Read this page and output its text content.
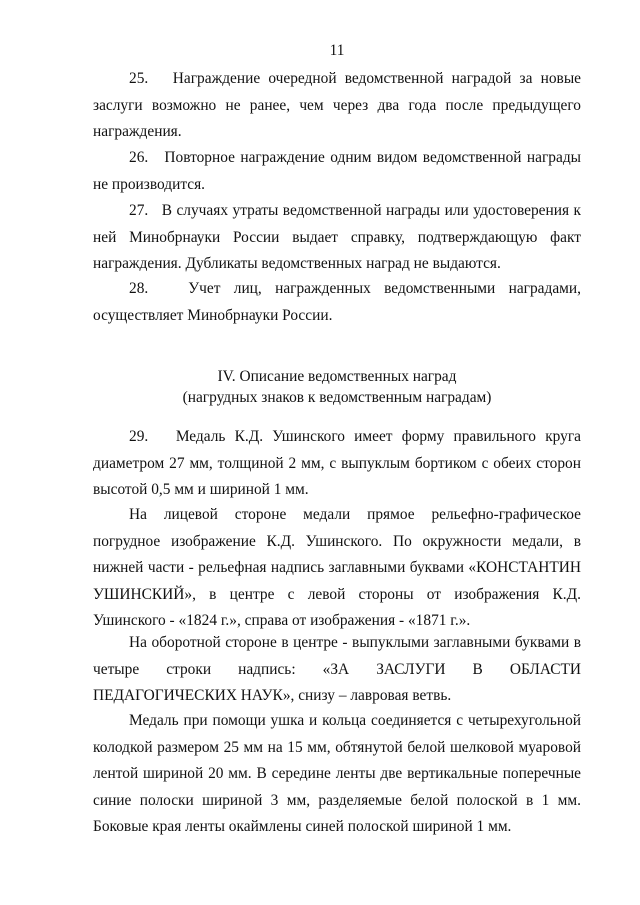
11
25.   Награждение очередной ведомственной наградой за новые заслуги возможно не ранее, чем через два года после предыдущего награждения.
26.   Повторное награждение одним видом ведомственной награды не производится.
27.   В случаях утраты ведомственной награды или удостоверения к ней Минобрнауки России выдает справку, подтверждающую факт награждения. Дубликаты ведомственных наград не выдаются.
28.   Учет лиц, награжденных ведомственными наградами, осуществляет Минобрнауки России.
IV. Описание ведомственных наград
(нагрудных знаков к ведомственным наградам)
29.   Медаль К.Д. Ушинского имеет форму правильного круга диаметром 27 мм, толщиной 2 мм, с выпуклым бортиком с обеих сторон высотой 0,5 мм и шириной 1 мм.
На лицевой стороне медали прямое рельефно-графическое погрудное изображение К.Д. Ушинского. По окружности медали, в нижней части - рельефная надпись заглавными буквами «КОНСТАНТИН УШИНСКИЙ», в центре с левой стороны от изображения К.Д. Ушинского - «1824 г.», справа от изображения - «1871 г.».
На оборотной стороне в центре - выпуклыми заглавными буквами в четыре строки надпись: «ЗА ЗАСЛУГИ В ОБЛАСТИ ПЕДАГОГИЧЕСКИХ НАУК», снизу – лавровая ветвь.
Медаль при помощи ушка и кольца соединяется с четырехугольной колодкой размером 25 мм на 15 мм, обтянутой белой шелковой муаровой лентой шириной 20 мм. В середине ленты две вертикальные поперечные синие полоски шириной 3 мм, разделяемые белой полоской в 1 мм. Боковые края ленты окаймлены синей полоской шириной 1 мм.
